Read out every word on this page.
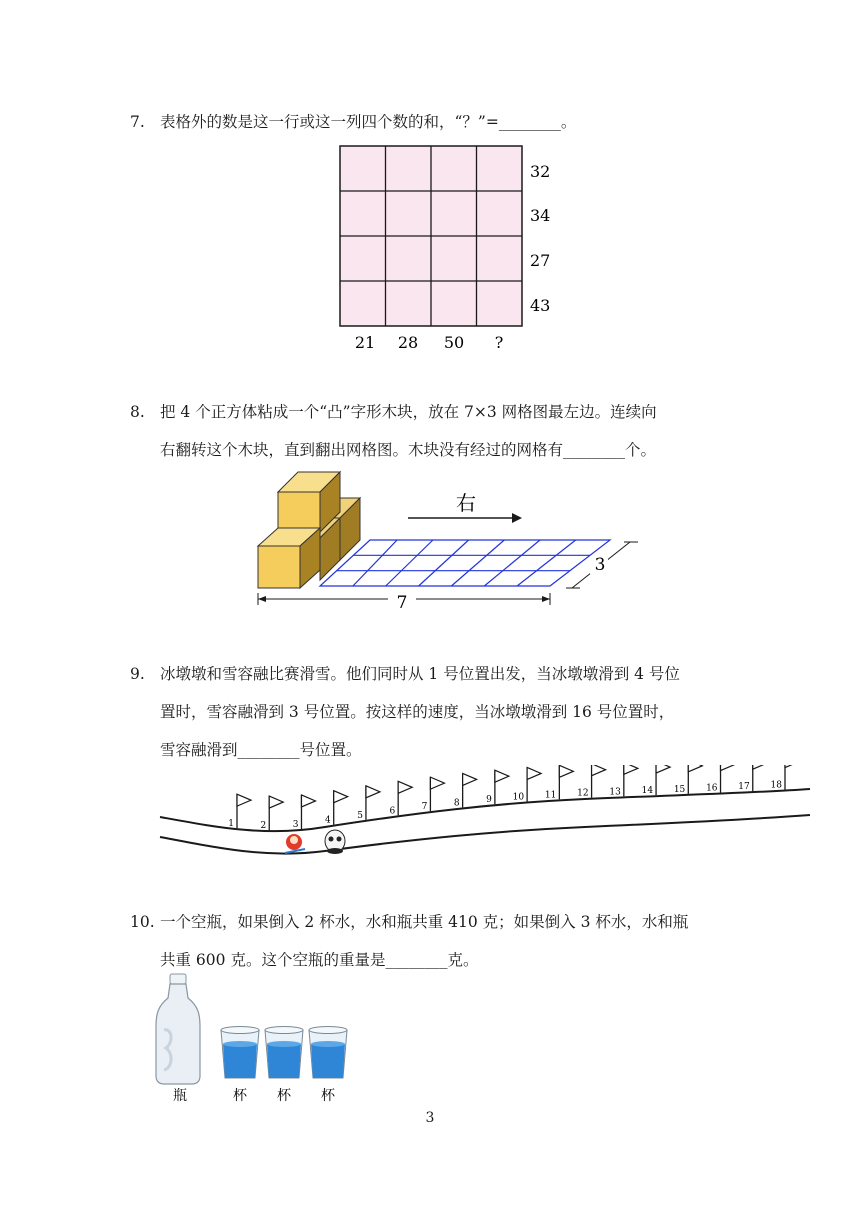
7. 表格外的数是这一行或这一列四个数的和，“？”=________。
32
34
27
43
21 28 50 ?
8. 把 4 个正方体粘成一个“凸”字形木块，放在 7×3 网格图最左边。连续向
右翻转这个木块，直到翻出网格图。木块没有经过的网格有________个。
右
7
3
9. 冰墩墩和雪容融比赛滑雪。他们同时从 1 号位置出发，当冰墩墩滑到 4 号位
置时，雪容融滑到 3 号位置。按这样的速度，当冰墩墩滑到 16 号位置时，
雪容融滑到________号位置。
1	2	3	4	5	6	7	8	9 10 11 12 13 14 15 16 17 18
10. 一个空瓶，如果倒入 2 杯水，水和瓶共重 410 克；如果倒入 3 杯水，水和瓶
共重 600 克。这个空瓶的重量是________克。
瓶	杯 杯 杯
3
